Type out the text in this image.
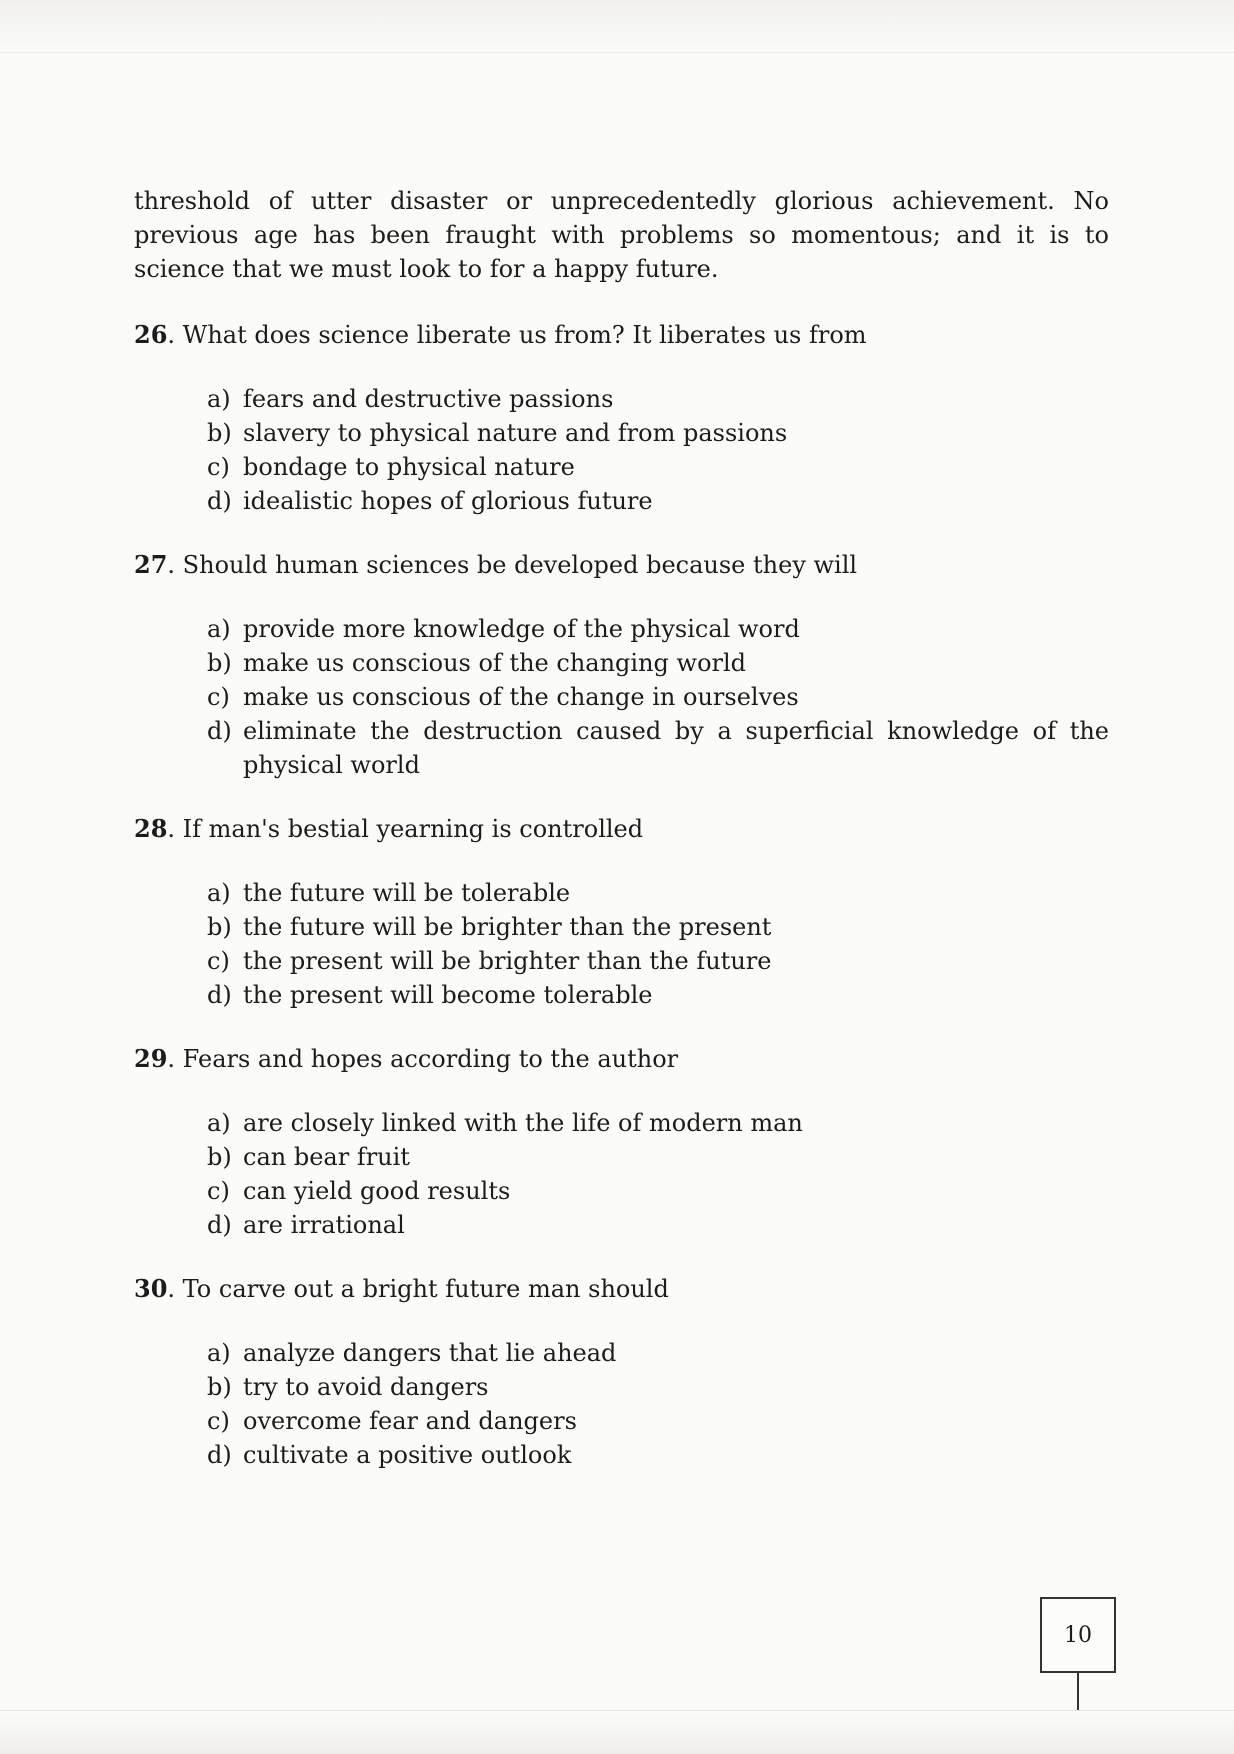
threshold of utter disaster or unprecedentedly glorious achievement. No previous age has been fraught with problems so momentous; and it is to science that we must look to for a happy future.

26. What does science liberate us from? It liberates us from
a) fears and destructive passions
b) slavery to physical nature and from passions
c) bondage to physical nature
d) idealistic hopes of glorious future
27. Should human sciences be developed because they will
a) provide more knowledge of the physical word
b) make us conscious of the changing world
c) make us conscious of the change in ourselves
d) eliminate the destruction caused by a superficial knowledge of the physical world
28. If man's bestial yearning is controlled
a) the future will be tolerable
b) the future will be brighter than the present
c) the present will be brighter than the future
d) the present will become tolerable
29. Fears and hopes according to the author
a) are closely linked with the life of modern man
b) can bear fruit
c) can yield good results
d) are irrational
30. To carve out a bright future man should
a) analyze dangers that lie ahead
b) try to avoid dangers
c) overcome fear and dangers
d) cultivate a positive outlook
10
